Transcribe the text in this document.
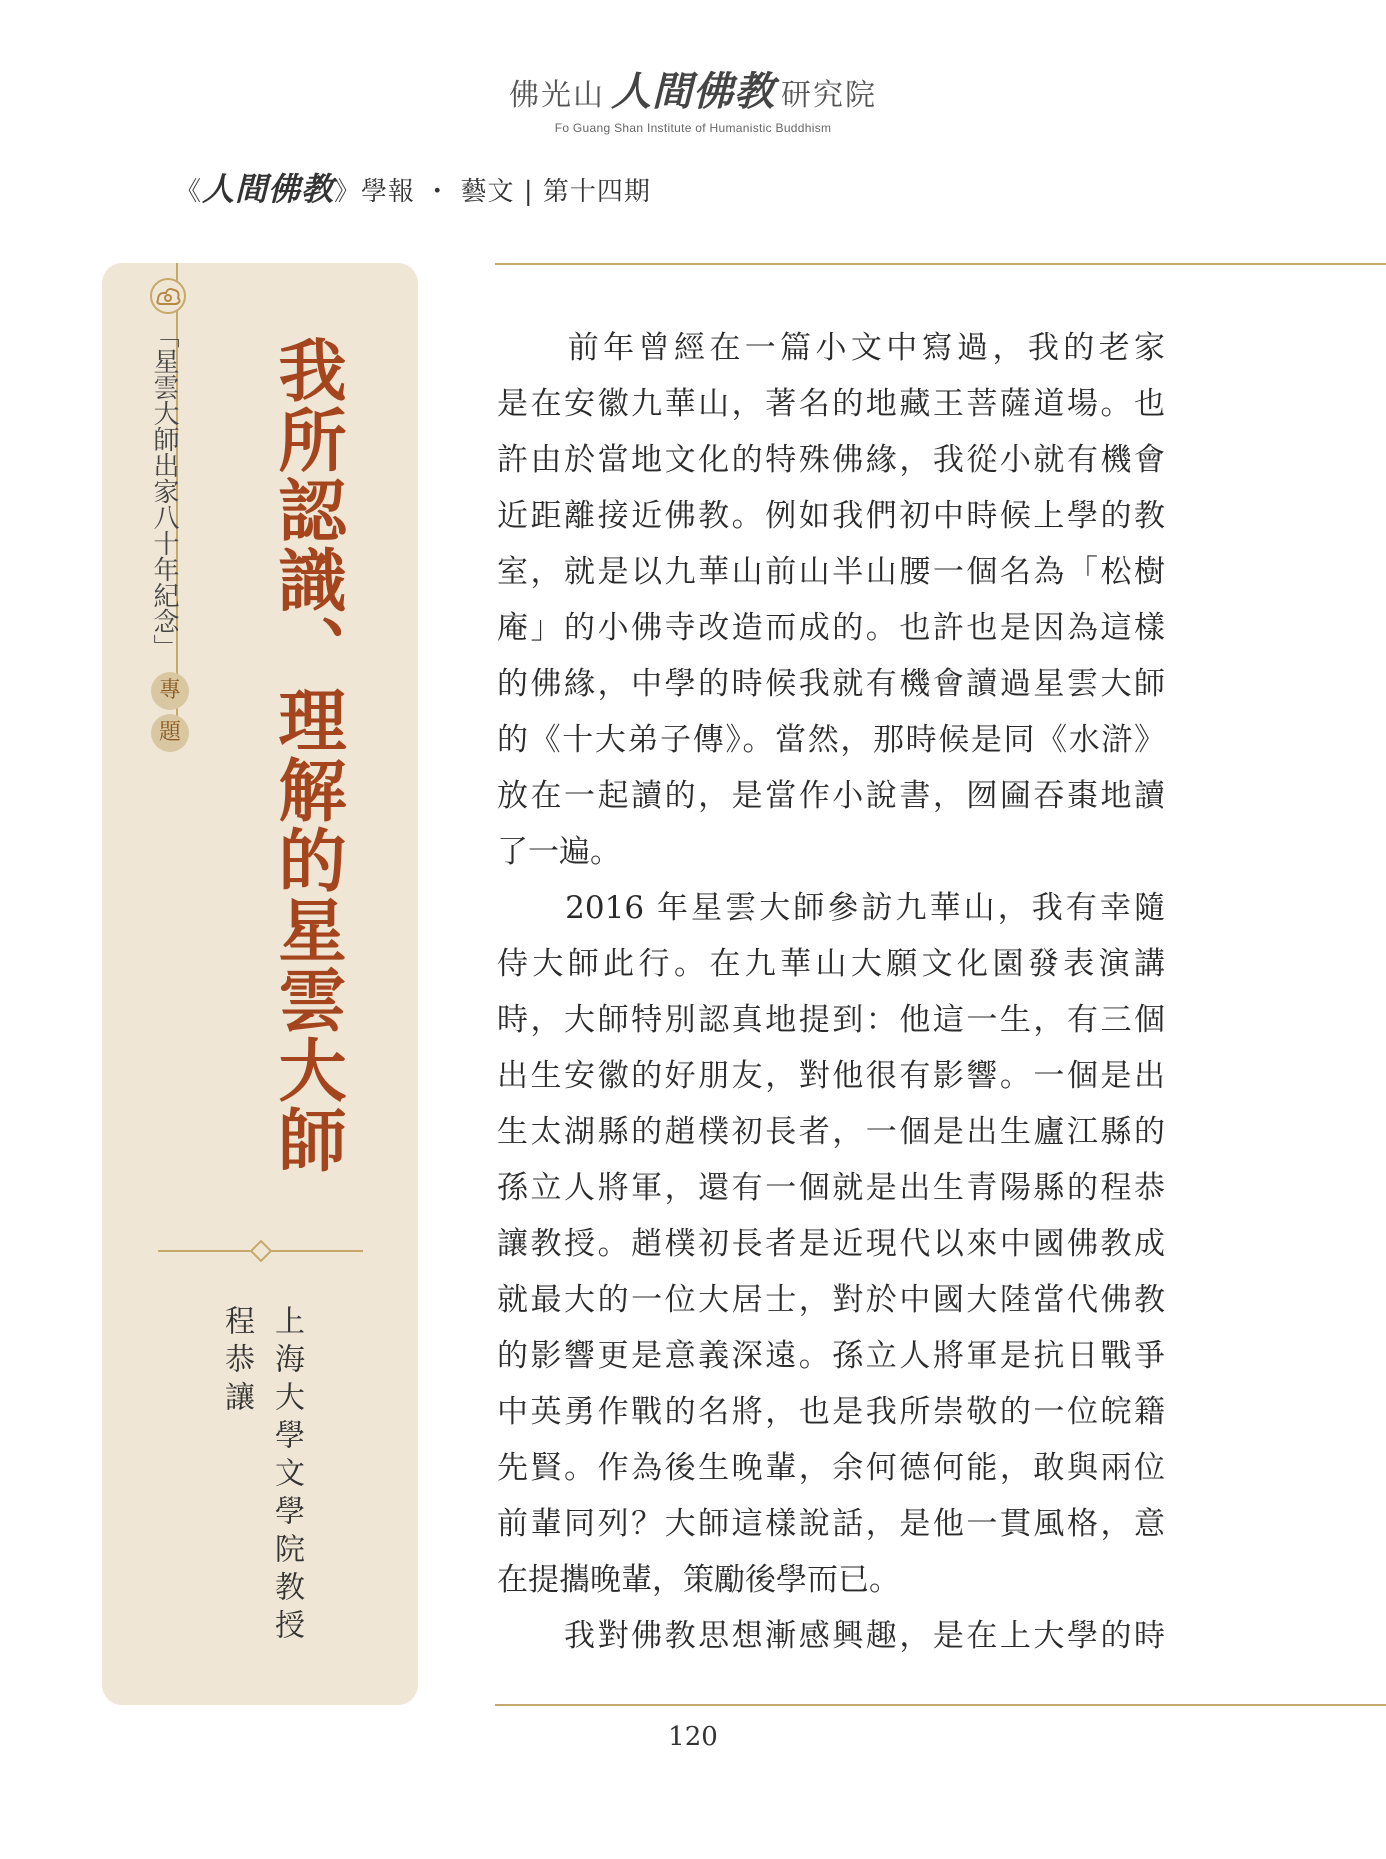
佛光山 人間佛教 研究院
Fo Guang Shan Institute of Humanistic Buddhism
《人間佛教》學報 ・ 藝文 | 第十四期
「星雲大師出家八十年紀念」
專
題 我所認識、理解的星雲大師
上海大學文學院教授
程恭讓
　　前年曾經在一篇小文中寫過，我的老家
是在安徽九華山，著名的地藏王菩薩道場。也
許由於當地文化的特殊佛緣，我從小就有機會
近距離接近佛教。例如我們初中時候上學的教
室，就是以九華山前山半山腰一個名為「松樹
庵」的小佛寺改造而成的。也許也是因為這樣
的佛緣，中學的時候我就有機會讀過星雲大師
的《十大弟子傳》。當然，那時候是同《水滸》
放在一起讀的，是當作小說書，囫圇吞棗地讀
了一遍。
　　2016 年星雲大師參訪九華山，我有幸隨
侍大師此行。在九華山大願文化園發表演講
時，大師特別認真地提到：他這一生，有三個
出生安徽的好朋友，對他很有影響。一個是出
生太湖縣的趙樸初長者，一個是出生廬江縣的
孫立人將軍，還有一個就是出生青陽縣的程恭
讓教授。趙樸初長者是近現代以來中國佛教成
就最大的一位大居士，對於中國大陸當代佛教
的影響更是意義深遠。孫立人將軍是抗日戰爭
中英勇作戰的名將，也是我所崇敬的一位皖籍
先賢。作為後生晚輩，余何德何能，敢與兩位
前輩同列？大師這樣說話，是他一貫風格，意
在提攜晚輩，策勵後學而已。
　　我對佛教思想漸感興趣，是在上大學的時
120
